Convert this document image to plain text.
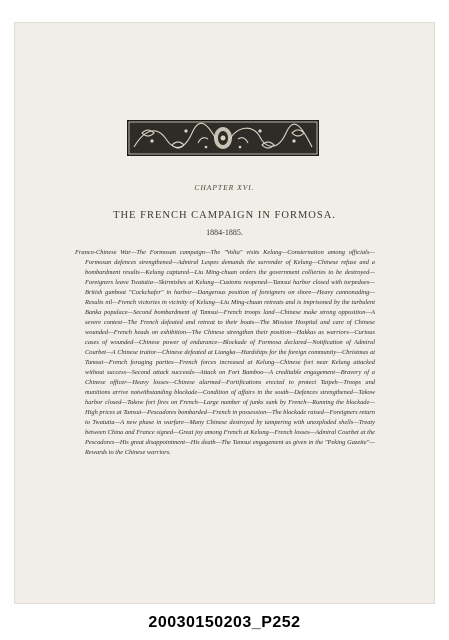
CHAPTER XVI.
THE FRENCH CAMPAIGN IN FORMOSA.
1884-1885.
Franco-Chinese War—The Formosan campaign—The "Volta" visits Kelung—Consternation among officials—Formosan defences strengthened—Admiral Lespes demands the surrender of Kelung—Chinese refuse and a bombardment results—Kelung captured—Liu Ming-chuan orders the government collieries to be destroyed—Foreigners leave Twatutia—Skirmishes at Kelung—Customs reopened—Tamsui harbor closed with torpedoes—British gunboat "Cockchafer" in harbor—Dangerous position of foreigners on shore—Heavy cannonading—Results nil—French victories in vicinity of Kelung—Liu Ming-chuan retreats and is imprisoned by the turbulent Banka populace—Second bombardment of Tamsui—French troops land—Chinese make strong opposition—A severe contest—The French defeated and retreat to their boats—The Mission Hospital and care of Chinese wounded—French heads on exhibition—The Chinese strengthen their position—Hakkas as warriors—Curious cases of wounded—Chinese power of endurance—Blockade of Formosa declared—Notification of Admiral Courbet—A Chinese traitor—Chinese defeated at Liangka—Hardships for the foreign community—Christmas at Tamsui—French foraging parties—French forces increased at Kelung—Chinese fort near Kelung attacked without success—Second attack succeeds—Attack on Fort Bamboo—A creditable engagement—Bravery of a Chinese officer—Heavy losses—Chinese alarmed—Fortifications erected to protect Taipeh—Troops and munitions arrive notwithstanding blockade—Condition of affairs in the south—Defences strengthened—Takow harbor closed—Takow fort fires on French—Large number of junks sunk by French—Running the blockade—High prices at Tamsui—Pescadores bombarded—French in possession—The blockade raised—Foreigners return to Twatutia—A new phase in warfare—Many Chinese destroyed by tampering with unexploded shells—Treaty between China and France signed—Great joy among French at Kelung—French losses—Admiral Courbet at the Pescadores—His great disappointment—His death—The Tamsui engagement as given in the "Peking Gazette"—Rewards to the Chinese warriors.
20030150203_P252
